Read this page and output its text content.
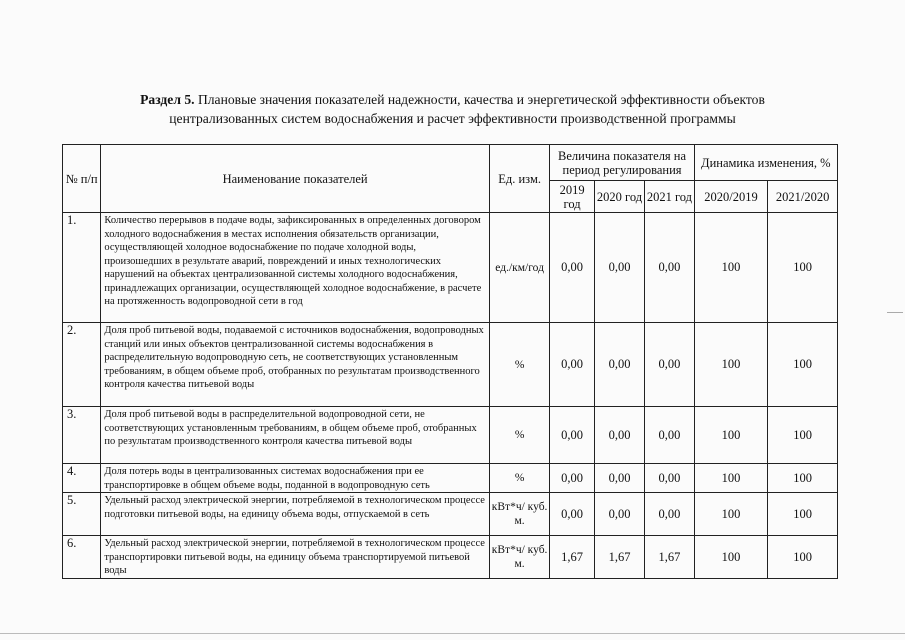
Раздел 5. Плановые значения показателей надежности, качества и энергетической эффективности объектов
централизованных систем водоснабжения и расчет эффективности производственной программы
№ п/п	Наименование показателей	Ед. изм.	Величина показателя на период регулирования			Динамика изменения, %	
			2019 год	2020 год	2021 год	2020/2019	2021/2020
1.	Количество перерывов в подаче воды, зафиксированных в определенных договором холодного водоснабжения в местах исполнения обязательств организации, осуществляющей холодное водоснабжение по подаче холодной воды, произошедших в результате аварий, повреждений и иных технологических нарушений на объектах централизованной системы холодного водоснабжения, принадлежащих организации, осуществляющей холодное водоснабжение, в расчете на протяженность водопроводной сети в год	ед./км/год	0,00	0,00	0,00	100	100
2.	Доля проб питьевой воды, подаваемой с источников водоснабжения, водопроводных станций или иных объектов централизованной системы водоснабжения в распределительную водопроводную сеть, не соответствующих установленным требованиям, в общем объеме проб, отобранных по результатам производственного контроля качества питьевой воды	%	0,00	0,00	0,00	100	100
3.	Доля проб питьевой воды в распределительной водопроводной сети, не соответствующих установленным требованиям, в общем объеме проб, отобранных по результатам производственного контроля качества питьевой воды	%	0,00	0,00	0,00	100	100
4.	Доля потерь воды в централизованных системах водоснабжения при ее транспортировке в общем объеме воды, поданной в водопроводную сеть	%	0,00	0,00	0,00	100	100
5.	Удельный расход электрической энергии, потребляемой в технологическом процессе подготовки питьевой воды, на единицу объема воды, отпускаемой в сеть	кВт*ч/ куб. м.	0,00	0,00	0,00	100	100
6.	Удельный расход электрической энергии, потребляемой в технологическом процессе транспортировки питьевой воды, на единицу объема транспортируемой питьевой воды	кВт*ч/ куб. м.	1,67	1,67	1,67	100	100
